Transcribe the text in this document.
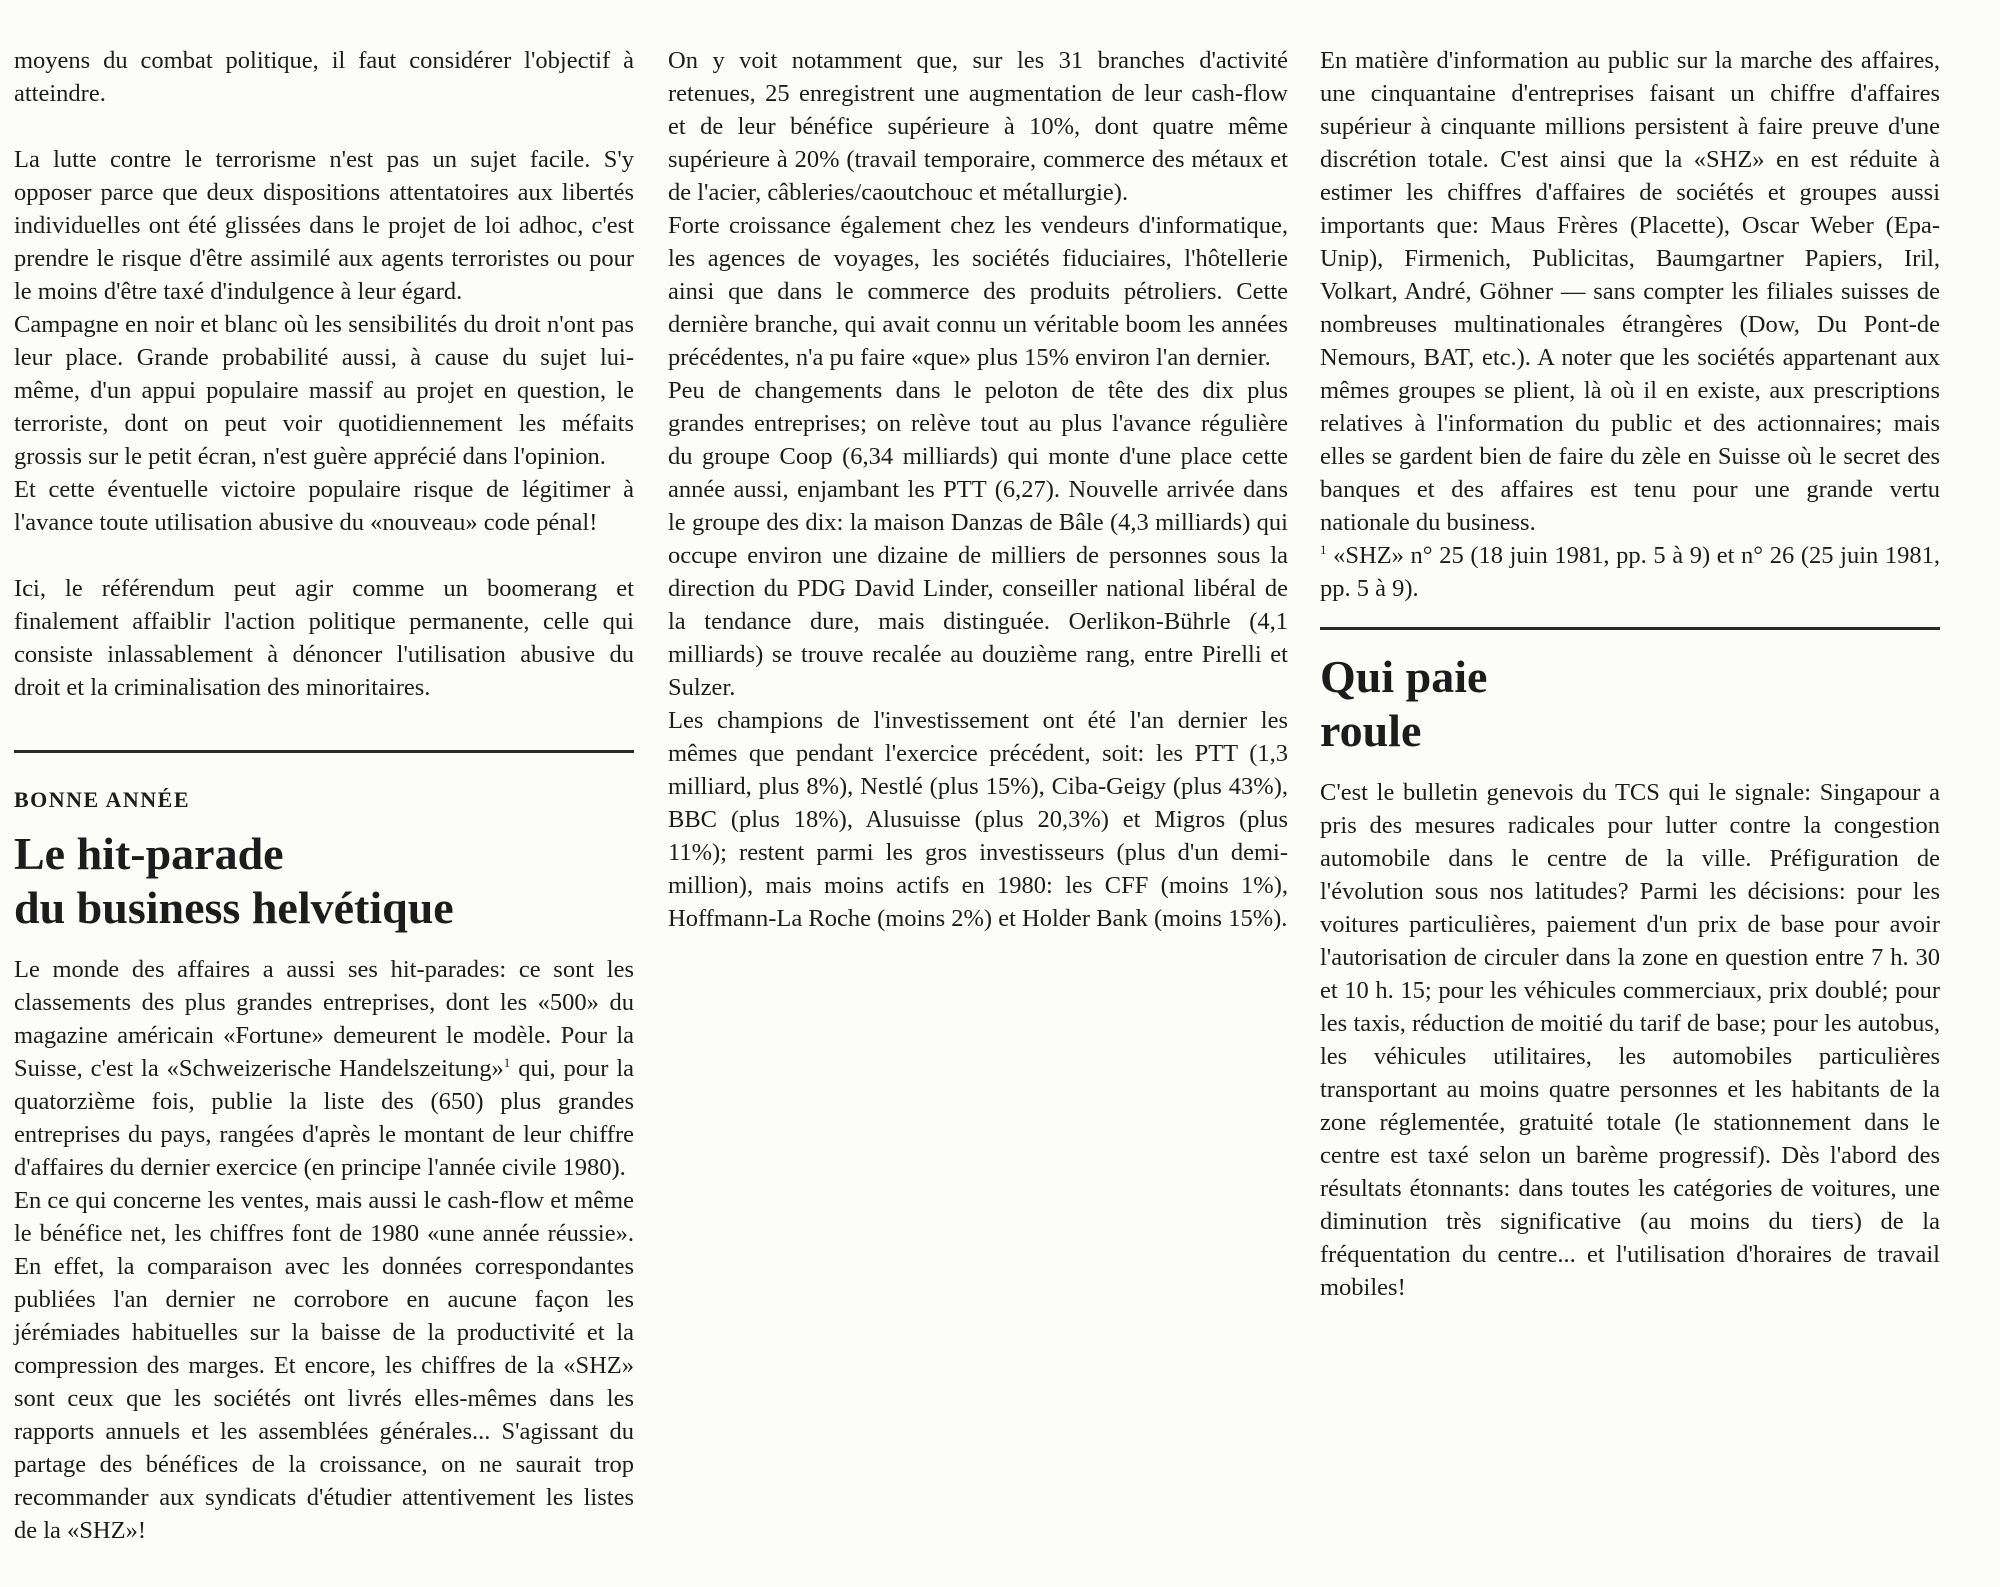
moyens du combat politique, il faut considérer l'objectif à atteindre.

La lutte contre le terrorisme n'est pas un sujet facile. S'y opposer parce que deux dispositions attentatoires aux libertés individuelles ont été glissées dans le projet de loi adhoc, c'est prendre le risque d'être assimilé aux agents terroristes ou pour le moins d'être taxé d'indulgence à leur égard.

Campagne en noir et blanc où les sensibilités du droit n'ont pas leur place. Grande probabilité aussi, à cause du sujet lui-même, d'un appui populaire massif au projet en question, le terroriste, dont on peut voir quotidiennement les méfaits grossis sur le petit écran, n'est guère apprécié dans l'opinion.

Et cette éventuelle victoire populaire risque de légitimer à l'avance toute utilisation abusive du «nouveau» code pénal!

Ici, le référendum peut agir comme un boomerang et finalement affaiblir l'action politique permanente, celle qui consiste inlassablement à dénoncer l'utilisation abusive du droit et la criminalisation des minoritaires.

BONNE ANNÉE
Le hit-parade
du business helvétique

Le monde des affaires a aussi ses hit-parades: ce sont les classements des plus grandes entreprises, dont les «500» du magazine américain «Fortune» demeurent le modèle. Pour la Suisse, c'est la «Schweizerische Handelszeitung»$^1$ qui, pour la quatorzième fois, publie la liste des (650) plus grandes entreprises du pays, rangées d'après le montant de leur chiffre d'affaires du dernier exercice (en principe l'année civile 1980).

En ce qui concerne les ventes, mais aussi le cash-flow et même le bénéfice net, les chiffres font de 1980 «une année réussie». En effet, la comparaison avec les données correspondantes publiées l'an dernier ne corrobore en aucune façon les jérémiades habituelles sur la baisse de la productivité et la compression des marges. Et encore, les chiffres de la «SHZ» sont ceux que les sociétés ont livrés elles-mêmes dans les rapports annuels et les assemblées générales... S'agissant du partage des bénéfices de la croissance, on ne saurait trop recommander aux syndicats d'étudier attentivement les listes de la «SHZ»!

On y voit notamment que, sur les 31 branches d'activité retenues, 25 enregistrent une augmentation de leur cash-flow et de leur bénéfice supérieure à 10%, dont quatre même supérieure à 20% (travail temporaire, commerce des métaux et de l'acier, câbleries/caoutchouc et métallurgie).

Forte croissance également chez les vendeurs d'informatique, les agences de voyages, les sociétés fiduciaires, l'hôtellerie ainsi que dans le commerce des produits pétroliers. Cette dernière branche, qui avait connu un véritable boom les années précédentes, n'a pu faire «que» plus 15% environ l'an dernier.

Peu de changements dans le peloton de tête des dix plus grandes entreprises; on relève tout au plus l'avance régulière du groupe Coop (6,34 milliards) qui monte d'une place cette année aussi, enjambant les PTT (6,27). Nouvelle arrivée dans le groupe des dix: la maison Danzas de Bâle (4,3 milliards) qui occupe environ une dizaine de milliers de personnes sous la direction du PDG David Linder, conseiller national libéral de la tendance dure, mais distinguée. Oerlikon-Bührle (4,1 milliards) se trouve recalée au douzième rang, entre Pirelli et Sulzer.

Les champions de l'investissement ont été l'an dernier les mêmes que pendant l'exercice précédent, soit: les PTT (1,3 milliard, plus 8%), Nestlé (plus 15%), Ciba-Geigy (plus 43%), BBC (plus 18%), Alusuisse (plus 20,3%) et Migros (plus 11%); restent parmi les gros investisseurs (plus d'un demi-million), mais moins actifs en 1980: les CFF (moins 1%), Hoffmann-La Roche (moins 2%) et Holder Bank (moins 15%).

En matière d'information au public sur la marche des affaires, une cinquantaine d'entreprises faisant un chiffre d'affaires supérieur à cinquante millions persistent à faire preuve d'une discrétion totale. C'est ainsi que la «SHZ» en est réduite à estimer les chiffres d'affaires de sociétés et groupes aussi importants que: Maus Frères (Placette), Oscar Weber (Epa-Unip), Firmenich, Publicitas, Baumgartner Papiers, Iril, Volkart, André, Göhner — sans compter les filiales suisses de nombreuses multinationales étrangères (Dow, Du Pont-de Nemours, BAT, etc.). A noter que les sociétés appartenant aux mêmes groupes se plient, là où il en existe, aux prescriptions relatives à l'information du public et des actionnaires; mais elles se gardent bien de faire du zèle en Suisse où le secret des banques et des affaires est tenu pour une grande vertu nationale du business.

$^1$ «SHZ» n° 25 (18 juin 1981, pp. 5 à 9) et n° 26 (25 juin 1981, pp. 5 à 9).

Qui paie
roule

C'est le bulletin genevois du TCS qui le signale: Singapour a pris des mesures radicales pour lutter contre la congestion automobile dans le centre de la ville. Préfiguration de l'évolution sous nos latitudes? Parmi les décisions: pour les voitures particulières, paiement d'un prix de base pour avoir l'autorisation de circuler dans la zone en question entre 7 h. 30 et 10 h. 15; pour les véhicules commerciaux, prix doublé; pour les taxis, réduction de moitié du tarif de base; pour les autobus, les véhicules utilitaires, les automobiles particulières transportant au moins quatre personnes et les habitants de la zone réglementée, gratuité totale (le stationnement dans le centre est taxé selon un barème progressif). Dès l'abord des résultats étonnants: dans toutes les catégories de voitures, une diminution très significative (au moins du tiers) de la fréquentation du centre... et l'utilisation d'horaires de travail mobiles!
